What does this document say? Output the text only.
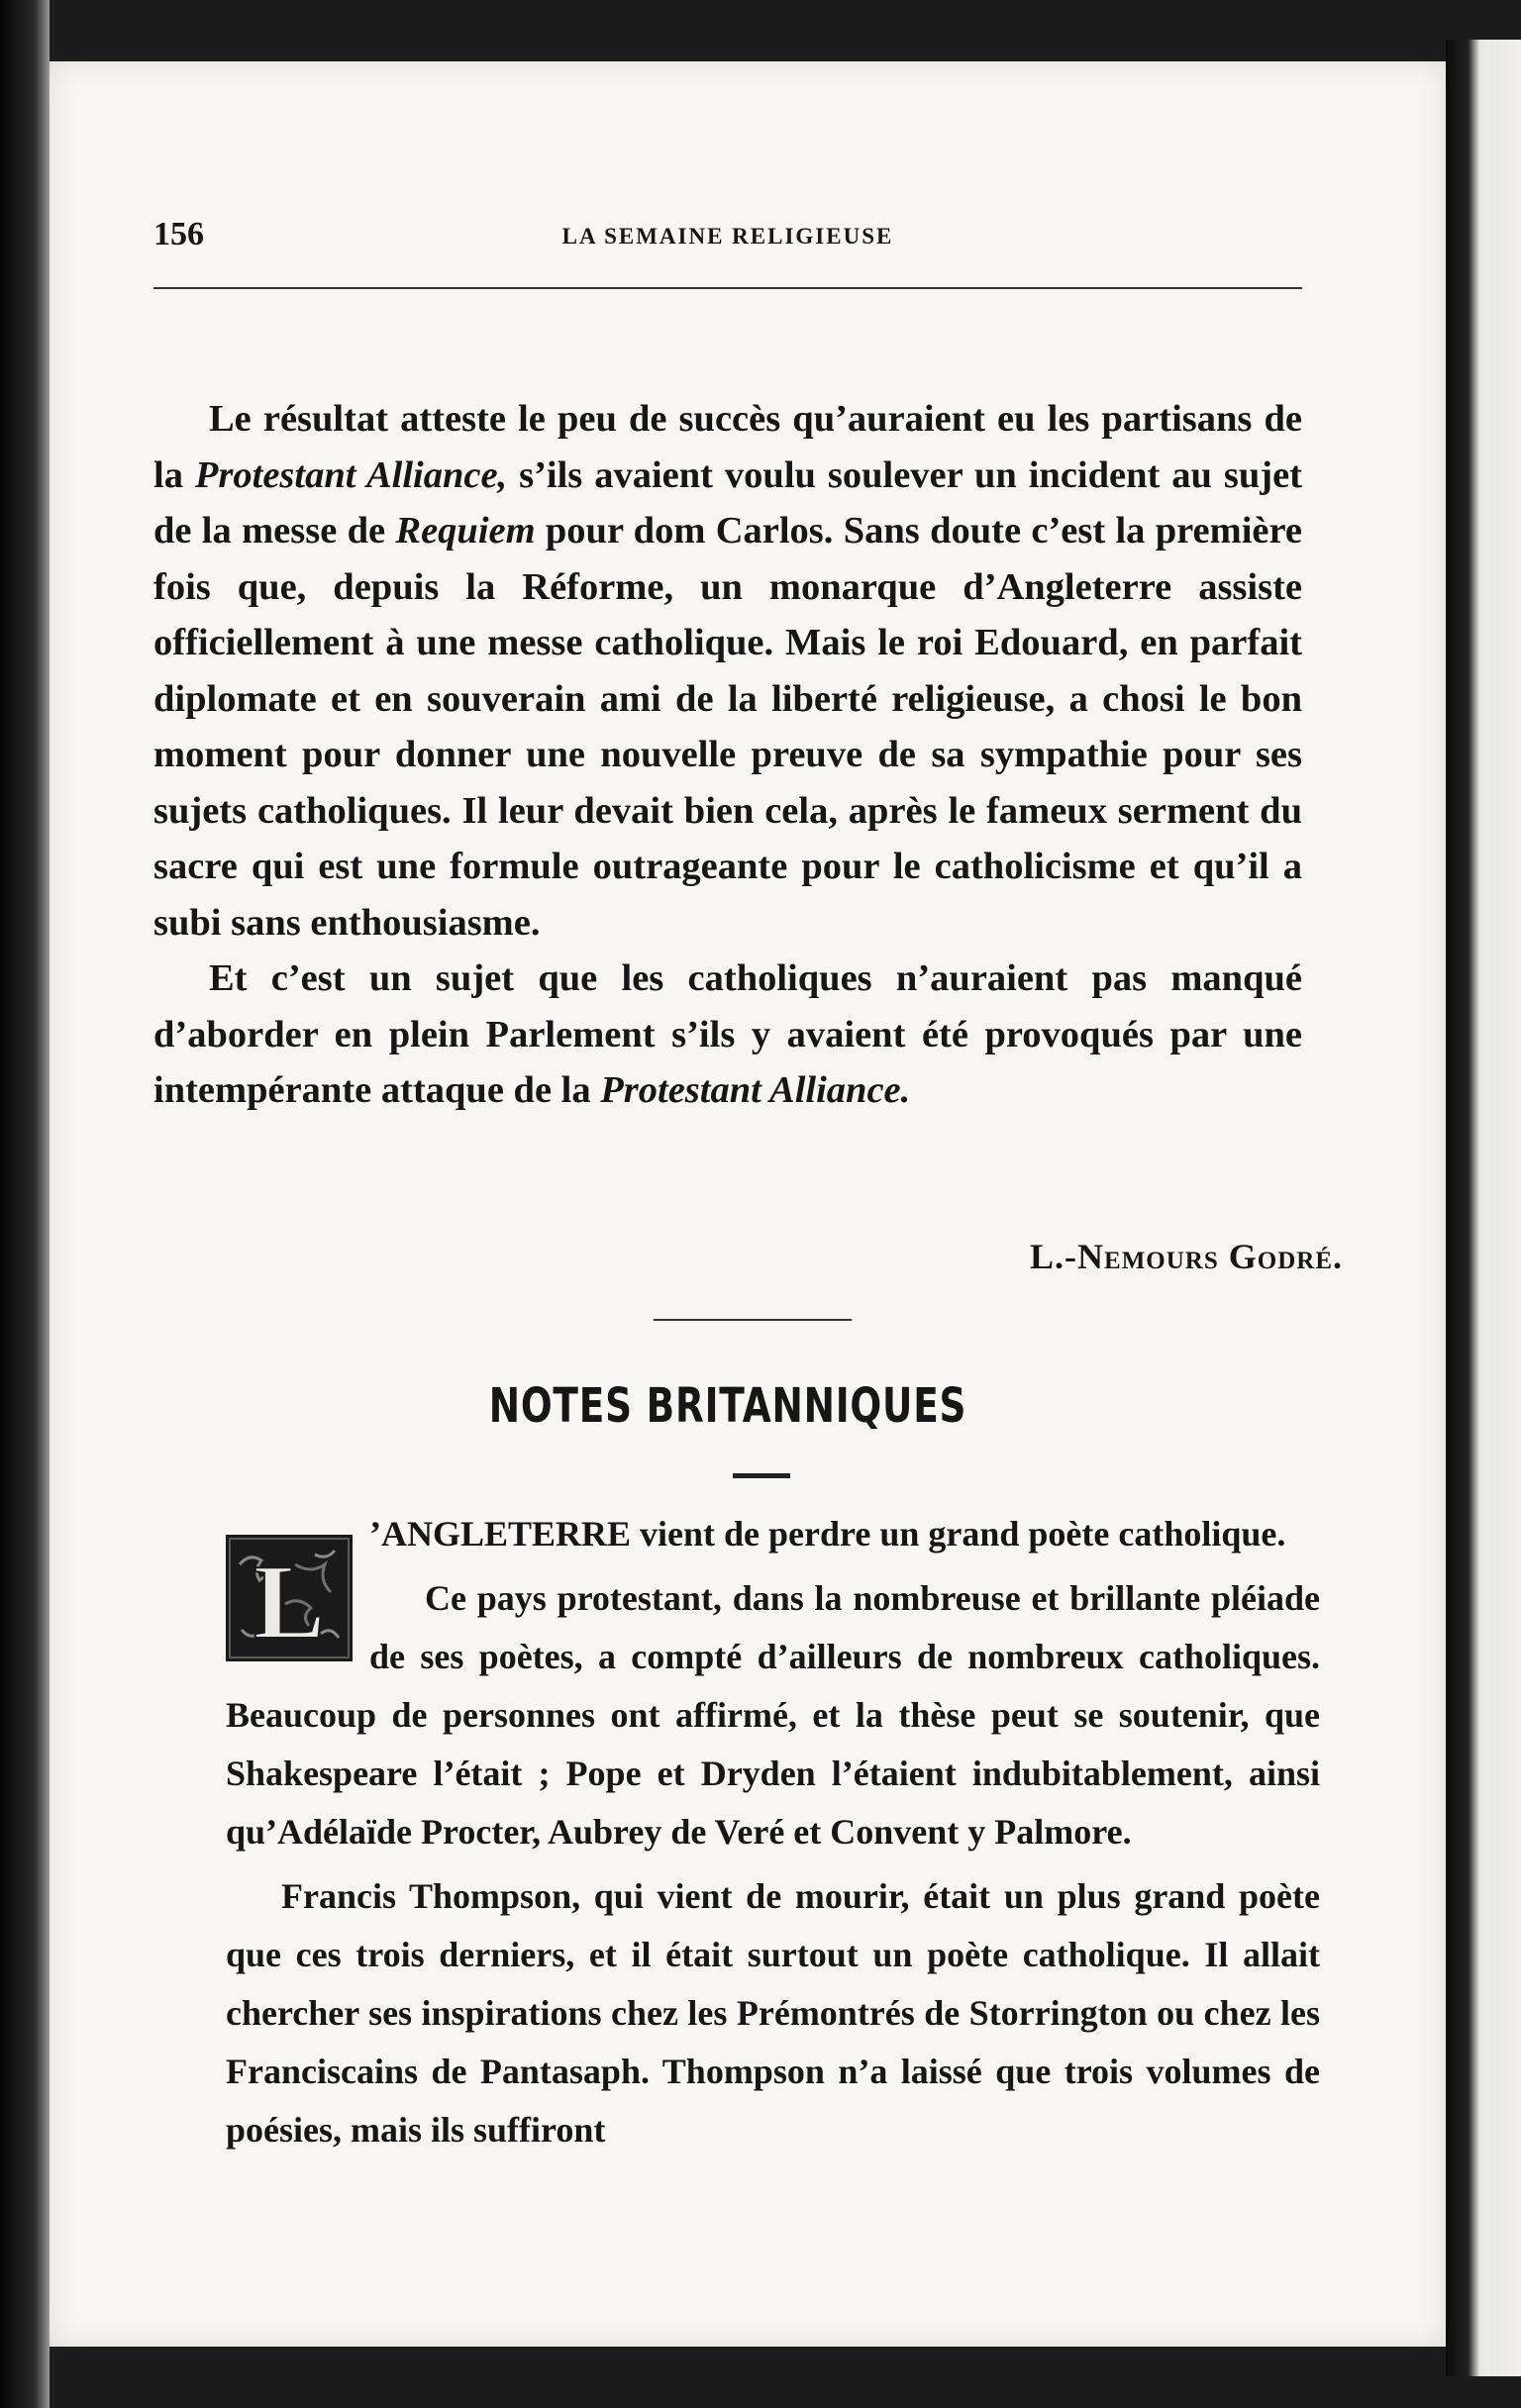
156	LA SEMAINE RELIGIEUSE

Le résultat atteste le peu de succès qu’auraient eu les partisans de la Protestant Alliance, s’ils avaient voulu soulever un incident au sujet de la messe de Requiem pour dom Carlos. Sans doute c’est la première fois que, depuis la Réforme, un monarque d’Angleterre assiste officiellement à une messe catholique. Mais le roi Edouard, en parfait diplomate et en souverain ami de la liberté religieuse, a chosi le bon moment pour donner une nouvelle preuve de sa sympathie pour ses sujets catholiques. Il leur devait bien cela, après le fameux serment du sacre qui est une formule outrageante pour le catholicisme et qu’il a subi sans enthousiasme.

Et c’est un sujet que les catholiques n’auraient pas manqué d’aborder en plein Parlement s’ils y avaient été provoqués par une intempérante attaque de la Protestant Alliance.

L.-Nemours Godré.
NOTES BRITANNIQUES

’ANGLETERRE vient de perdre un grand poète catholique.

Ce pays protestant, dans la nombreuse et brillante pléiade de ses poètes, a compté d’ailleurs de nombreux catholiques. Beaucoup de personnes ont affirmé, et la thèse peut se soutenir, que Shakespeare l’était ; Pope et Dryden l’étaient indubitablement, ainsi qu’Adélaïde Procter, Aubrey de Veré et Convent y Palmore.

Francis Thompson, qui vient de mourir, était un plus grand poète que ces trois derniers, et il était surtout un poète catholique. Il allait chercher ses inspirations chez les Prémontrés de Storrington ou chez les Franciscains de Pantasaph. Thompson n’a laissé que trois volumes de poésies, mais ils suffiront

L
